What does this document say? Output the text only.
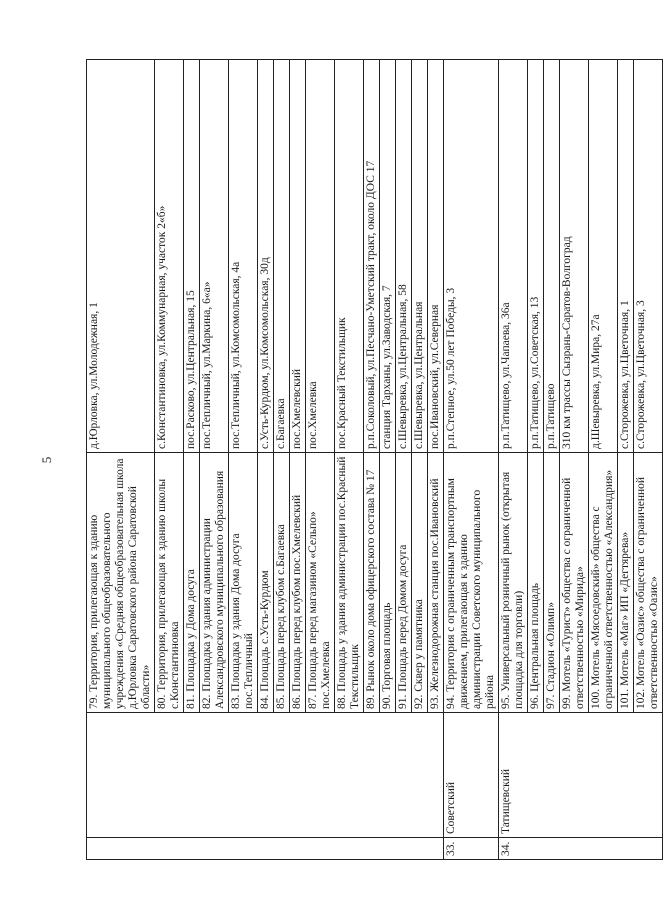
5
		79. Территория, прилегающая к зданию муниципального общеобразовательного учреждения «Средняя общеобразовательная школа д.Юрловка Саратовского района Саратовской области»	д.Юрловка, ул.Молодежная, 1
		80. Территория, прилегающая к зданию школы с.Константиновка	с.Константиновка, ул.Коммунарная, участок 2«б»
		81. Площадка у Дома досуга	пос.Расково, ул.Центральная, 15
		82. Площадка у здания администрации Александровского муниципального образования	пос.Тепличный, ул.Маркина, 6«а»
		83. Площадка у здания Дома досуга пос.Тепличный	пос.Тепличный, ул.Комсомольская, 4а
		84. Площадь с.Усть-Курдюм	с.Усть-Курдюм, ул.Комсомольская, 30д
		85. Площадь перед клубом с.Багаевка	с.Багаевка
		86. Площадь перед клубом пос.Хмелевский	пос.Хмелевский
		87. Площадь перед магазином «Сельпо» пос.Хмелевка	пос.Хмелевка
		88. Площадь у здания администрации пос.Красный Текстильщик	пос.Красный Текстильщик
		89. Рынок около дома офицерского состава № 17	р.п.Соколовый, ул.Песчано-Уметский тракт, около ДОС 17
		90. Торговая площадь	станция Тарханы, ул.Заводская, 7
		91. Площадь перед Домом досуга	с.Шевыревка, ул.Центральная, 58
		92. Сквер у памятника	с.Шевыревка, ул.Центральная
		93. Железнодорожная станция пос.Ивановский	пос.Ивановский, ул.Северная
33.	Советский	94. Территория с ограниченным транспортным движением, прилегающая к зданию администрации Советского муниципального района	р.п.Степное, ул.50 лет Победы, 3
34.	Татищевский	95. Универсальный розничный рынок (открытая площадка для торговли)	р.п.Татищево, ул.Чапаева, 36а
		96. Центральная площадь	р.п.Татищево, ул.Советская, 13
		97. Стадион «Олимп»	р.п.Татищево
		99. Мотель «Турист» общества с ограниченной ответственностью «Мирида»	310 км трассы Сызрань-Саратов-Волгоград
		100. Мотель «Мясоедовский» общества с ограниченной ответственностью «Александрия»	д.Шевыревка, ул.Мира, 27а
		101. Мотель «Маг» ИП «Дегтярева»	с.Сторожевка, ул.Цветочная, 1
		102. Мотель «Оазис» общества с ограниченной ответственностью «Оазис»	с.Сторожевка, ул.Цветочная, 3
